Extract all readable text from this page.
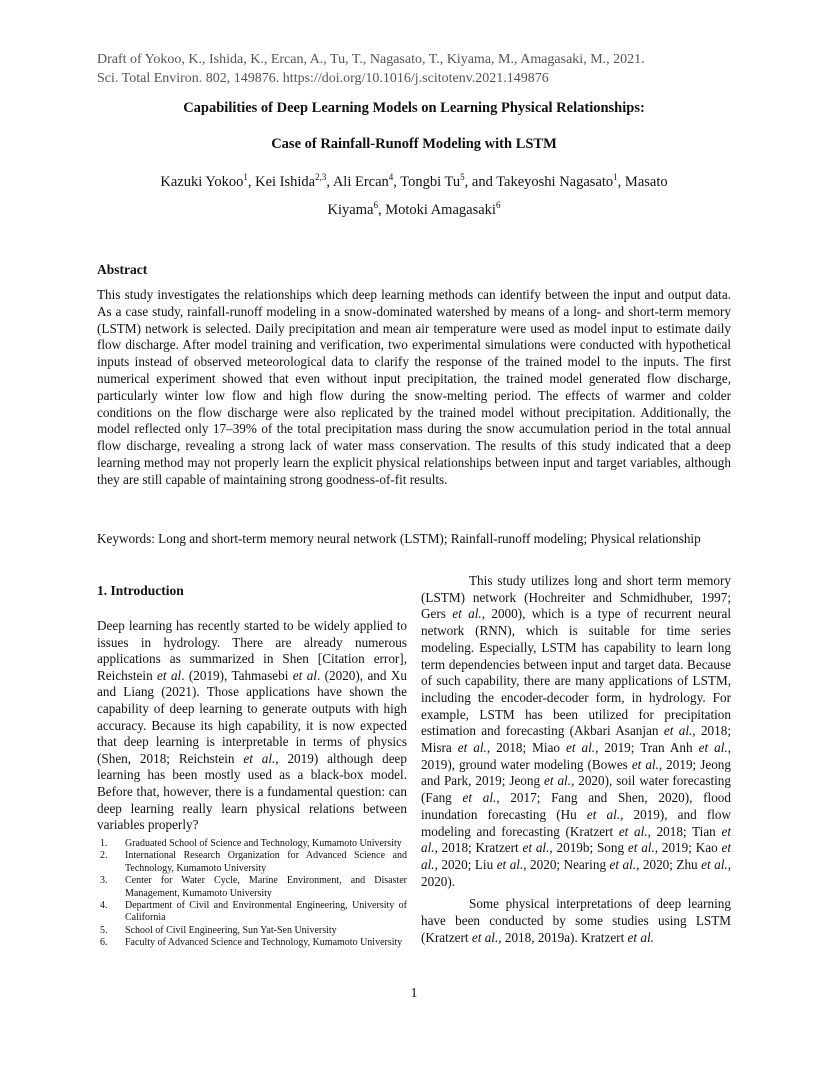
Draft of Yokoo, K., Ishida, K., Ercan, A., Tu, T., Nagasato, T., Kiyama, M., Amagasaki, M., 2021.
Sci. Total Environ. 802, 149876. https://doi.org/10.1016/j.scitotenv.2021.149876
Capabilities of Deep Learning Models on Learning Physical Relationships:
Case of Rainfall-Runoff Modeling with LSTM
Kazuki Yokoo$^1$, Kei Ishida$^{2,3}$, Ali Ercan$^4$, Tongbi Tu$^5$, and Takeyoshi Nagasato$^1$, Masato
Kiyama$^6$, Motoki Amagasaki$^6$
Abstract
This study investigates the relationships which deep learning methods can identify between the input and output data. As a case study, rainfall-runoff modeling in a snow-dominated watershed by means of a long- and short-term memory (LSTM) network is selected. Daily precipitation and mean air temperature were used as model input to estimate daily flow discharge. After model training and verification, two experimental simulations were conducted with hypothetical inputs instead of observed meteorological data to clarify the response of the trained model to the inputs. The first numerical experiment showed that even without input precipitation, the trained model generated flow discharge, particularly winter low flow and high flow during the snow-melting period. The effects of warmer and colder conditions on the flow discharge were also replicated by the trained model without precipitation. Additionally, the model reflected only 17–39% of the total precipitation mass during the snow accumulation period in the total annual flow discharge, revealing a strong lack of water mass conservation. The results of this study indicated that a deep learning method may not properly learn the explicit physical relationships between input and target variables, although they are still capable of maintaining strong goodness-of-fit results.
Keywords: Long and short-term memory neural network (LSTM); Rainfall-runoff modeling; Physical relationship
1. Introduction
Deep learning has recently started to be widely applied to issues in hydrology. There are already numerous applications as summarized in Shen [Citation error], Reichstein et al. (2019), Tahmasebi et al. (2020), and Xu and Liang (2021). Those applications have shown the capability of deep learning to generate outputs with high accuracy. Because its high capability, it is now expected that deep learning is interpretable in terms of physics (Shen, 2018; Reichstein et al., 2019) although deep learning has been mostly used as a black-box model. Before that, however, there is a fundamental question: can deep learning really learn physical relations between variables properly?
1. Graduated School of Science and Technology, Kumamoto University
2. International Research Organization for Advanced Science and Technology, Kumamoto University
3. Center for Water Cycle, Marine Environment, and Disaster Management, Kumamoto University
4. Department of Civil and Environmental Engineering, University of California
5. School of Civil Engineering, Sun Yat-Sen University
6. Faculty of Advanced Science and Technology, Kumamoto University

This study utilizes long and short term memory (LSTM) network (Hochreiter and Schmidhuber, 1997; Gers et al., 2000), which is a type of recurrent neural network (RNN), which is suitable for time series modeling. Especially, LSTM has capability to learn long term dependencies between input and target data. Because of such capability, there are many applications of LSTM, including the encoder-decoder form, in hydrology. For example, LSTM has been utilized for precipitation estimation and forecasting (Akbari Asanjan et al., 2018; Misra et al., 2018; Miao et al., 2019; Tran Anh et al., 2019), ground water modeling (Bowes et al., 2019; Jeong and Park, 2019; Jeong et al., 2020), soil water forecasting (Fang et al., 2017; Fang and Shen, 2020), flood inundation forecasting (Hu et al., 2019), and flow modeling and forecasting (Kratzert et al., 2018; Tian et al., 2018; Kratzert et al., 2019b; Song et al., 2019; Kao et al., 2020; Liu et al., 2020; Nearing et al., 2020; Zhu et al., 2020).

Some physical interpretations of deep learning have been conducted by some studies using LSTM (Kratzert et al., 2018, 2019a). Kratzert et al.

1
